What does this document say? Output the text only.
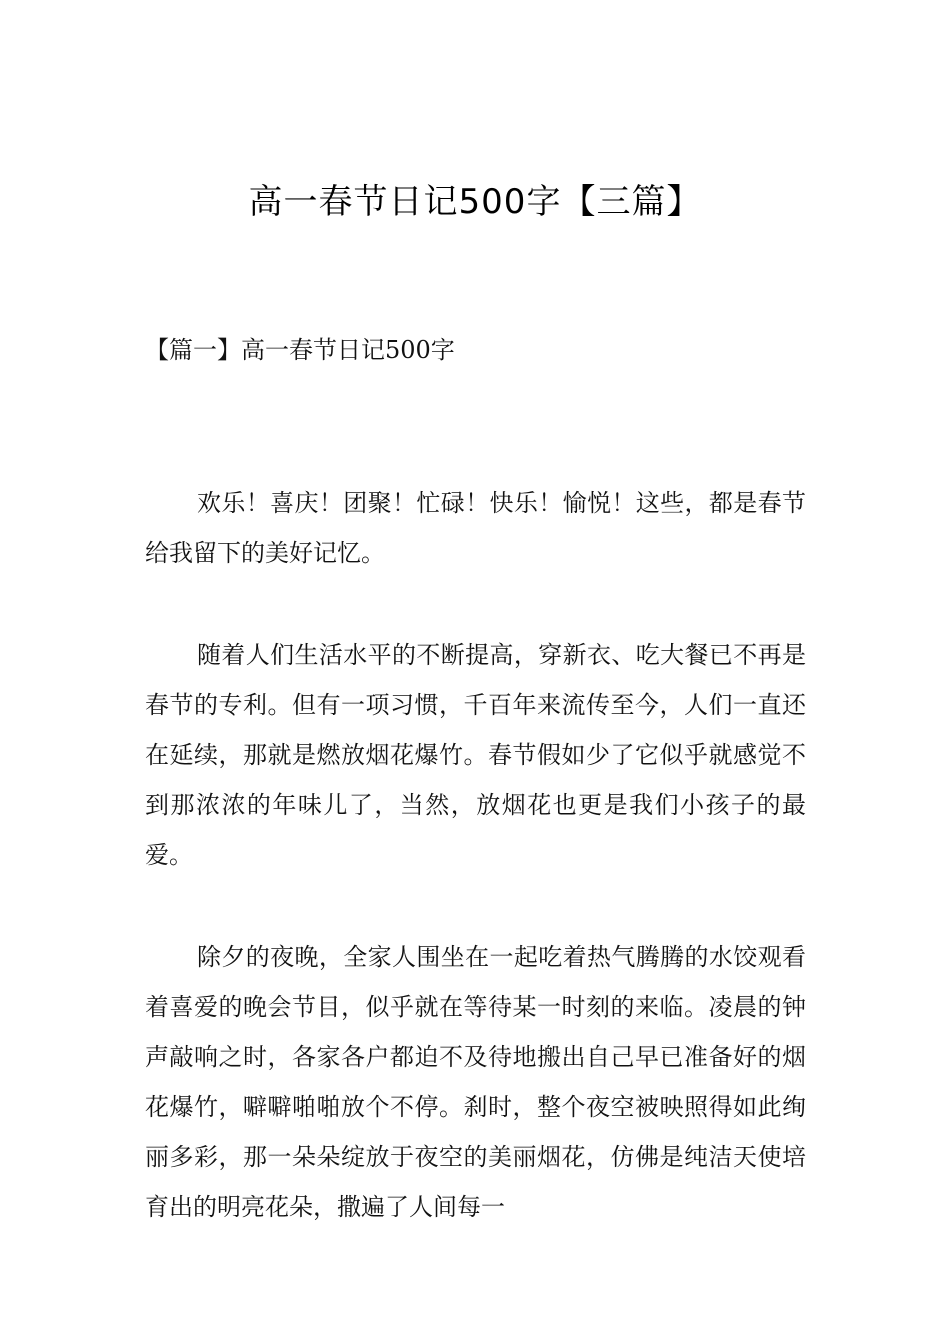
高一春节日记500字【三篇】
【篇一】高一春节日记500字

欢乐！喜庆！团聚！忙碌！快乐！愉悦！这些，都是春节给我留下的美好记忆。

随着人们生活水平的不断提高，穿新衣、吃大餐已不再是春节的专利。但有一项习惯，千百年来流传至今，人们一直还在延续，那就是燃放烟花爆竹。春节假如少了它似乎就感觉不到那浓浓的年味儿了，当然，放烟花也更是我们小孩子的最爱。

除夕的夜晚，全家人围坐在一起吃着热气腾腾的水饺观看着喜爱的晚会节目，似乎就在等待某一时刻的来临。凌晨的钟声敲响之时，各家各户都迫不及待地搬出自己早已准备好的烟花爆竹，噼噼啪啪放个不停。刹时，整个夜空被映照得如此绚丽多彩，那一朵朵绽放于夜空的美丽烟花，仿佛是纯洁天使培育出的明亮花朵，撒遍了人间每一
